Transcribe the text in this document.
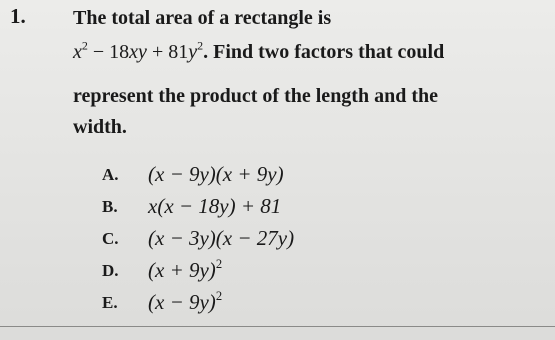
1. The total area of a rectangle is
$x^2 - 18xy + 81y^2$. Find two factors that could
represent the product of the length and the
width.
A. (x − 9y)(x + 9y)
B. x(x − 18y) + 81
C. (x − 3y)(x − 27y)
D. $(x + 9y)^2$
E. $(x - 9y)^2$
